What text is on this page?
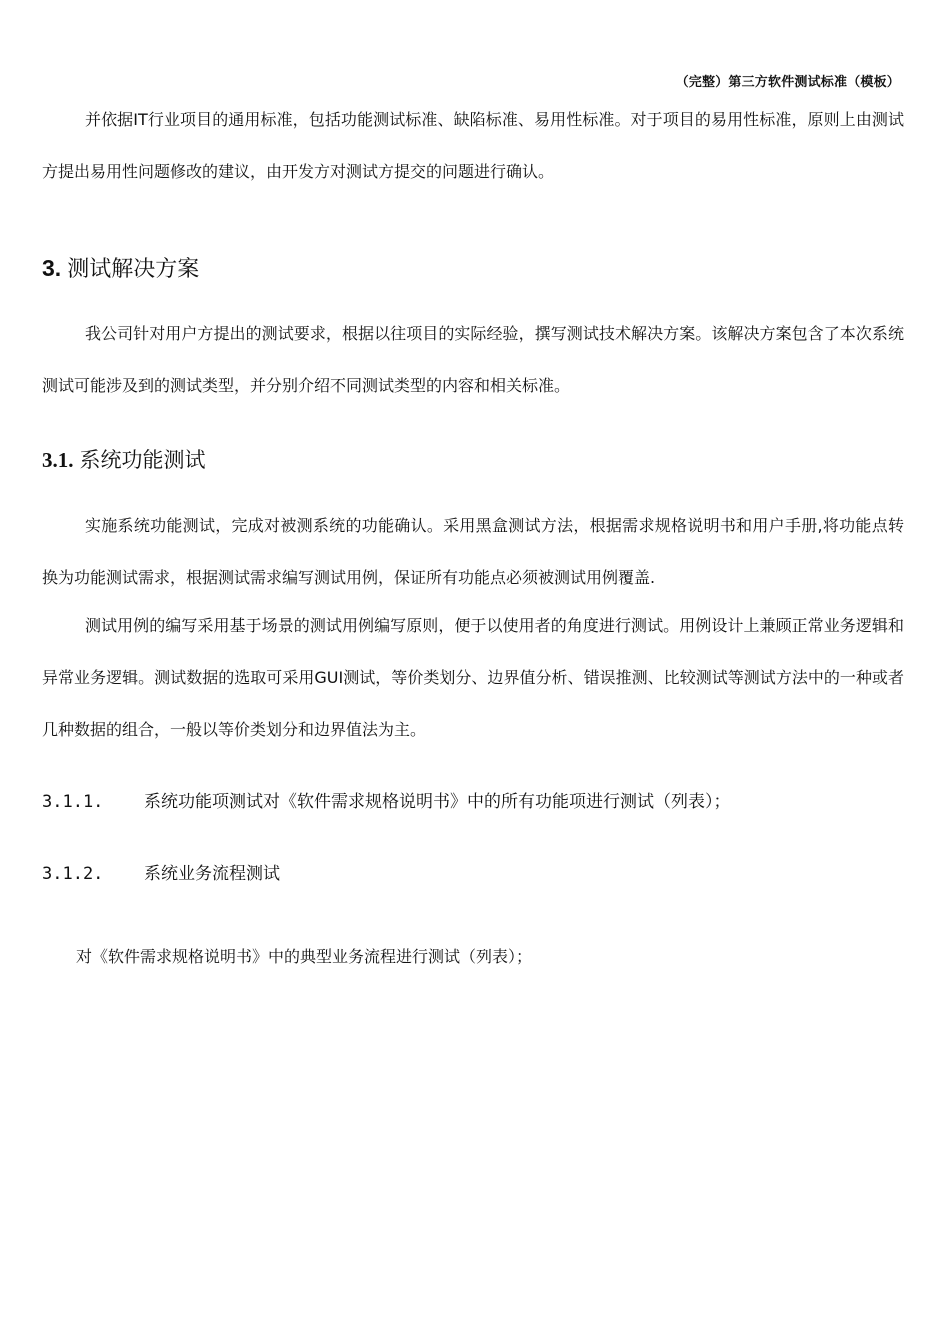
（完整）第三方软件测试标准（模板）

并依据IT行业项目的通用标准，包括功能测试标准、缺陷标准、易用性标准。对于项目的易用性标准，原则上由测试方提出易用性问题修改的建议，由开发方对测试方提交的问题进行确认。

3. 测试解决方案

我公司针对用户方提出的测试要求，根据以往项目的实际经验，撰写测试技术解决方案。该解决方案包含了本次系统测试可能涉及到的测试类型，并分别介绍不同测试类型的内容和相关标准。

3.1. 系统功能测试

实施系统功能测试，完成对被测系统的功能确认。采用黑盒测试方法，根据需求规格说明书和用户手册,将功能点转换为功能测试需求，根据测试需求编写测试用例，保证所有功能点必须被测试用例覆盖.

测试用例的编写采用基于场景的测试用例编写原则，便于以使用者的角度进行测试。用例设计上兼顾正常业务逻辑和异常业务逻辑。测试数据的选取可采用GUI测试，等价类划分、边界值分析、错误推测、比较测试等测试方法中的一种或者几种数据的组合，一般以等价类划分和边界值法为主。

3.1.1. 系统功能项测试对《软件需求规格说明书》中的所有功能项进行测试（列表）；
3.1.2. 系统业务流程测试

对《软件需求规格说明书》中的典型业务流程进行测试（列表）；
